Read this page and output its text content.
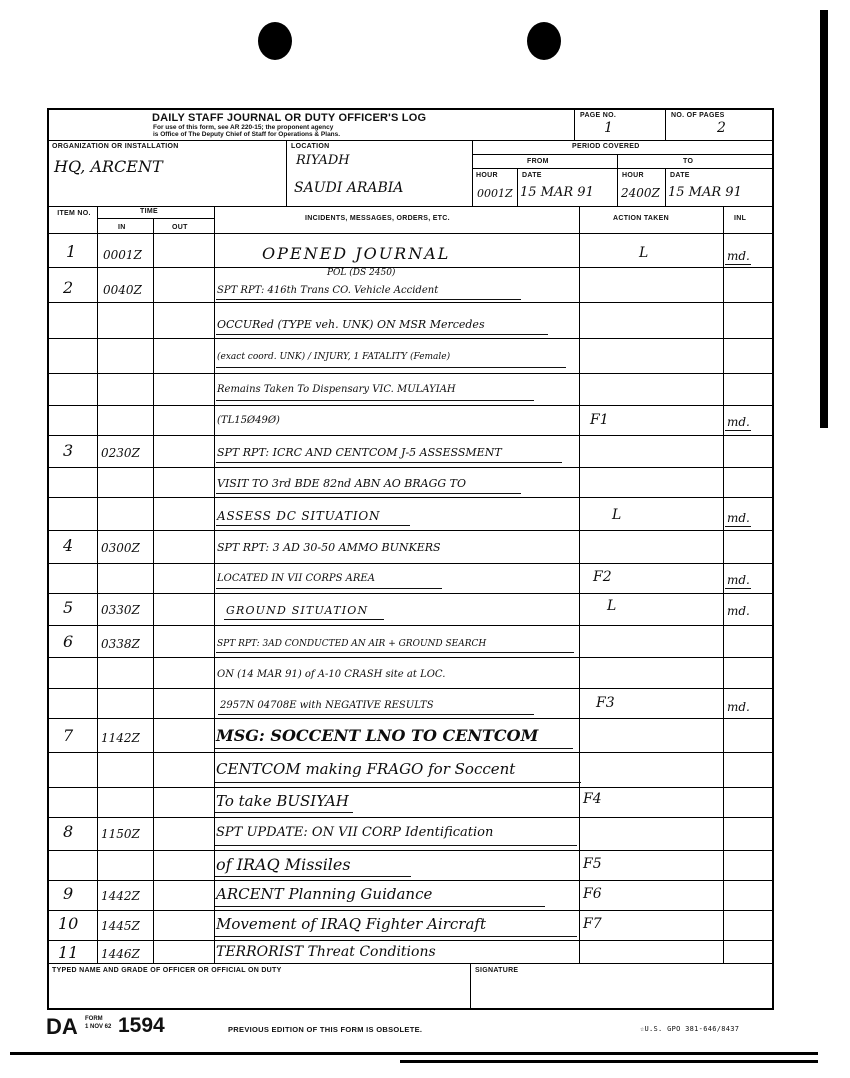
DAILY STAFF JOURNAL OR DUTY OFFICER'S LOG
For use of this form, see AR 220-15; the proponent agency
is Office of The Deputy Chief of Staff for Operations & Plans.
PAGE NO.
1
NO. OF PAGES
2
ORGANIZATION OR INSTALLATION
HQ, ARCENT
LOCATION
RIYADH
SAUDI ARABIA
PERIOD COVERED
FROM	TO
HOUR	DATE	HOUR	DATE
0001Z 15 MAR 91 2400Z 15 MAR 91
ITEM NO.	TIME
IN	OUT
INCIDENTS, MESSAGES, ORDERS, ETC.	ACTION TAKEN	INL
1 0001Z	OPENED JOURNAL	L	md.
2 0040Z
POL (DS 2450)
SPT RPT: 416th Trans CO. Vehicle Accident
OCCURed (TYPE veh. UNK) ON MSR Mercedes
(exact coord. UNK) / INJURY, 1 FATALITY (Female)
Remains Taken To Dispensary VIC. MULAYIAH
(TL15Ø49Ø)	F1	md.
3 0230Z	SPT RPT: ICRC AND CENTCOM J-5 ASSESSMENT
VISIT TO 3rd BDE 82nd ABN AO BRAGG TO
ASSESS DC SITUATION	L	md.
4 0300Z	SPT RPT: 3 AD 30-50 AMMO BUNKERS
LOCATED IN VII CORPS AREA	F2	md.
5 0330Z	GROUND SITUATION	L	md.
6 0338Z	SPT RPT: 3AD CONDUCTED AN AIR + GROUND SEARCH
ON (14 MAR 91) of A-10 CRASH site at LOC.
2957N 04708E with NEGATIVE RESULTS	F3	md.
7 1142Z	MSG: SOCCENT LNO TO CENTCOM
CENTCOM making FRAGO for Soccent
To take BUSIYAH	F4
8 1150Z	SPT UPDATE: ON VII CORP Identification
of IRAQ Missiles	F5
9 1442Z	ARCENT Planning Guidance	F6
10 1445Z	Movement of IRAQ Fighter Aircraft	F7
11 1446Z	TERRORIST Threat Conditions
TYPED NAME AND GRADE OF OFFICER OR OFFICIAL ON DUTY	SIGNATURE
DA FORM
1 NOV 62 1594	PREVIOUS EDITION OF THIS FORM IS OBSOLETE.	☆U.S. GPO 381-646/8437
